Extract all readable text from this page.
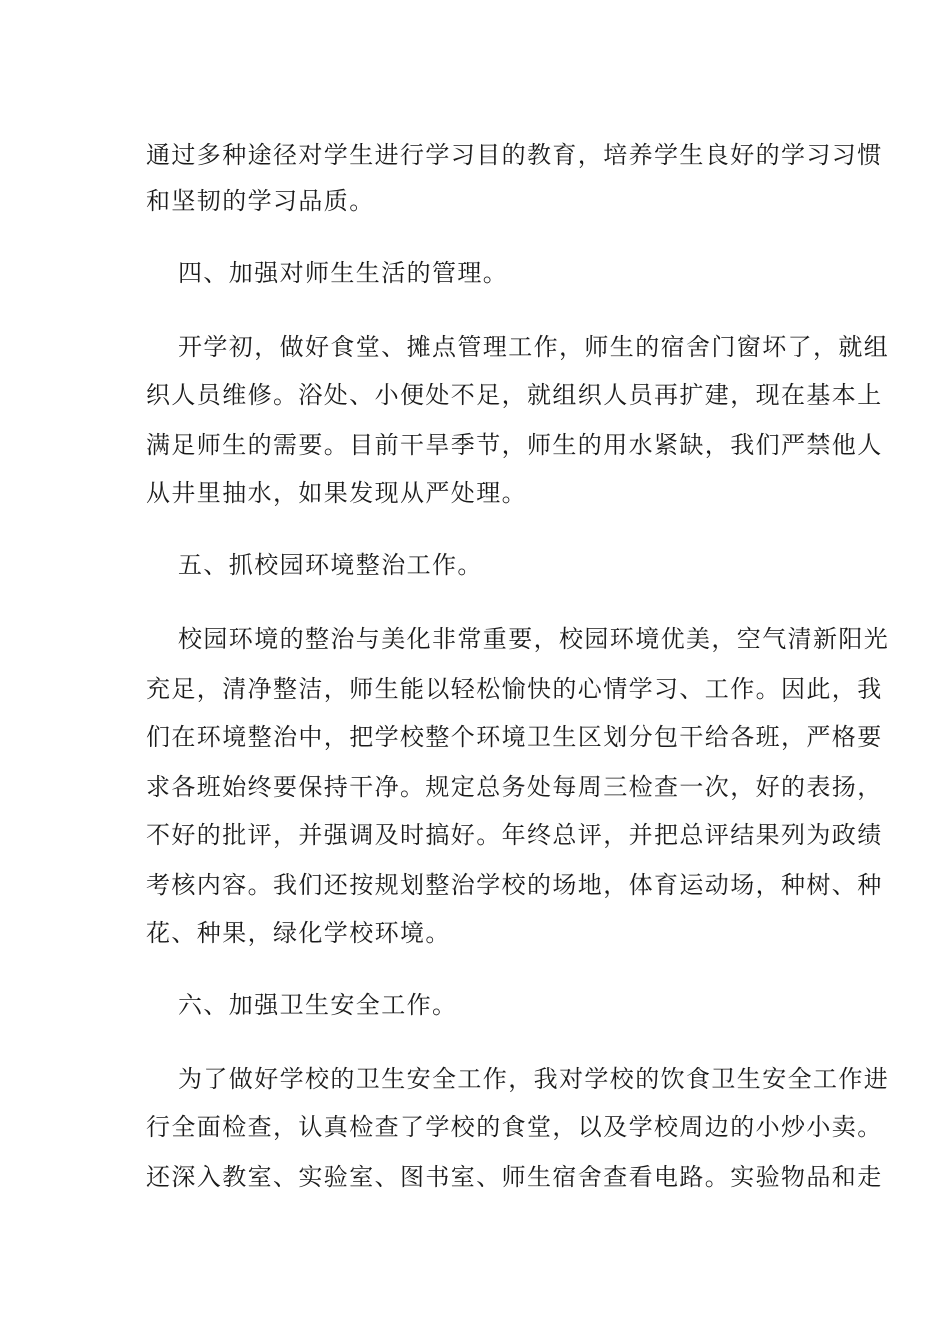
通过多种途径对学生进行学习目的教育，培养学生良好的学习习惯
和坚韧的学习品质。
四、加强对师生生活的管理。
开学初，做好食堂、摊点管理工作，师生的宿舍门窗坏了，就组
织人员维修。浴处、小便处不足，就组织人员再扩建，现在基本上
满足师生的需要。目前干旱季节，师生的用水紧缺，我们严禁他人
从井里抽水，如果发现从严处理。
五、抓校园环境整治工作。
校园环境的整治与美化非常重要，校园环境优美，空气清新阳光
充足，清净整洁，师生能以轻松愉快的心情学习、工作。因此，我
们在环境整治中，把学校整个环境卫生区划分包干给各班，严格要
求各班始终要保持干净。规定总务处每周三检查一次，好的表扬，
不好的批评，并强调及时搞好。年终总评，并把总评结果列为政绩
考核内容。我们还按规划整治学校的场地，体育运动场，种树、种
花、种果，绿化学校环境。
六、加强卫生安全工作。
为了做好学校的卫生安全工作，我对学校的饮食卫生安全工作进
行全面检查，认真检查了学校的食堂，以及学校周边的小炒小卖。
还深入教室、实验室、图书室、师生宿舍查看电路。实验物品和走
